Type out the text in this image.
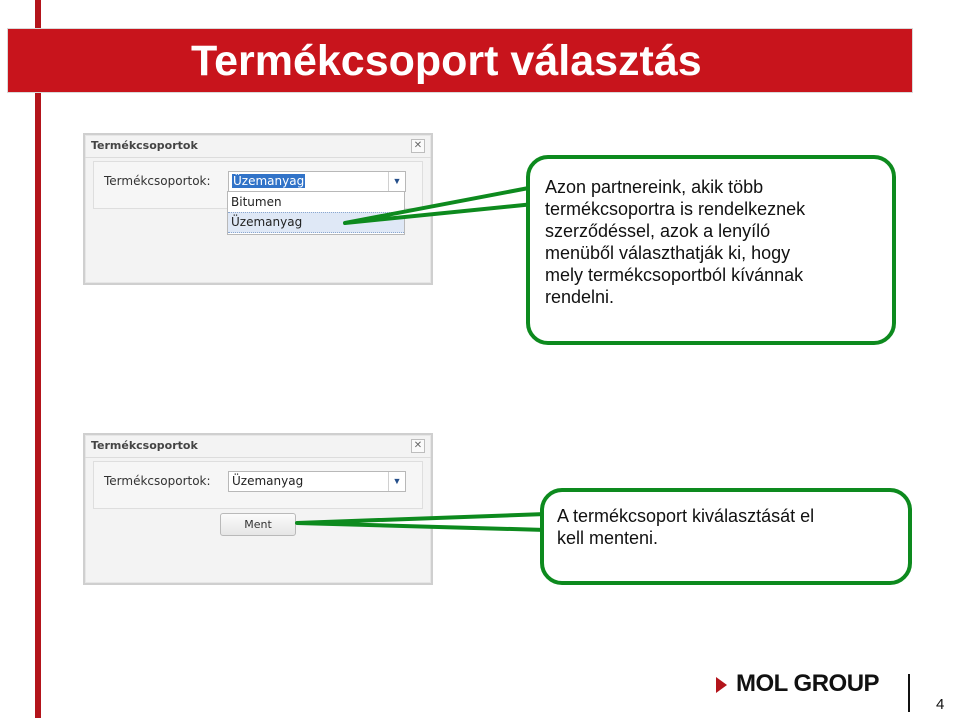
Termékcsoport választás
Termékcsoportok	✕
Termékcsoportok: Üzemanyag	▼
Bitumen
Üzemanyag
Termékcsoportok	✕
Termékcsoportok: Üzemanyag	▼
Ment
Azon partnereink, akik több
termékcsoportra is rendelkeznek
szerződéssel, azok a lenyíló
menüből választhatják ki, hogy
mely termékcsoportból kívánnak
rendelni.
A termékcsoport kiválasztását el
kell menteni.
MOL GROUP
4
